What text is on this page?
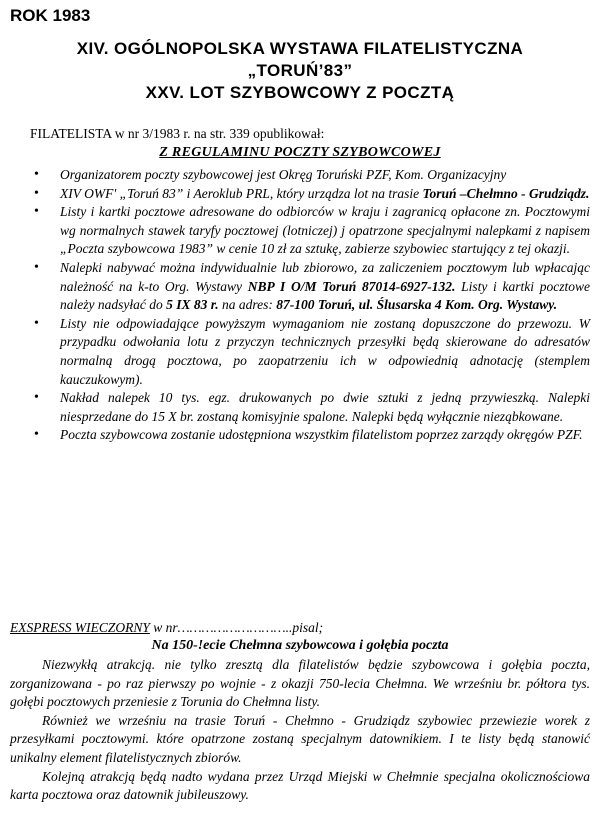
ROK 1983
XIV. OGÓLNOPOLSKA WYSTAWA FILATELISTYCZNA
„TORUŃ’83”
XXV. LOT SZYBOWCOWY Z POCZTĄ
FILATELISTA w nr 3/1983 r. na str. 339 opublikował:
Z REGULAMINU POCZTY SZYBOWCOWEJ
• Organizatorem poczty szybowcowej jest Okręg Toruński PZF, Kom. Organizacyjny
• XIV OWF' „Toruń 83” i Aeroklub PRL, który urządza lot na trasie Toruń –Chełmno - Grudziądz.
• Listy i kartki pocztowe adresowane do odbiorców w kraju i zagranicą opłacone zn. Pocztowymi wg normalnych stawek taryfy pocztowej (lotniczej) j opatrzone specjalnymi nalepkami z napisem „Poczta szybowcowa 1983” w cenie 10 zł za sztukę, zabierze szybowiec startujący z tej okazji.
• Nalepki nabywać można indywidualnie lub zbiorowo, za zaliczeniem pocztowym lub wpłacając należność na k-to Org. Wystawy NBP I O/M Toruń 87014-6927-132. Listy i kartki pocztowe należy nadsyłać do 5 IX 83 r. na adres: 87-100 Toruń, ul. Ślusarska 4 Kom. Org. Wystawy.
• Listy nie odpowiadające powyższym wymaganiom nie zostaną dopuszczone do przewozu. W przypadku odwołania lotu z przyczyn technicznych przesyłki będą skierowane do adresatów normalną drogą pocztowa, po zaopatrzeniu ich w odpowiednią adnotację (stemplem kauczukowym).
• Nakład nalepek 10 tys. egz. drukowanych po dwie sztuki z jedną przywieszką. Nalepki niesprzedane do 15 X br. zostaną komisyjnie spalone. Nalepki będą wyłącznie nieząbkowane.
• Poczta szybowcowa zostanie udostępniona wszystkim filatelistom poprzez zarządy okręgów PZF.
EXSPRESS WIECZORNY w nr………………………..pisal;
Na 150-!ecie Chełmna szybowcowa i gołębia poczta

Niezwykłą atrakcją. nie tylko zresztą dla filatelistów będzie szybowcowa i gołębia poczta, zorganizowana - po raz pierwszy po wojnie - z okazji 750-lecia Chełmna. We wrześniu br. półtora tys. gołębi pocztowych przeniesie z Torunia do Chełmna listy.

Również we wrześniu na trasie Toruń - Chełmno - Grudziądz szybowiec przewiezie worek z przesyłkami pocztowymi. które opatrzone zostaną specjalnym datownikiem. I te listy będą stanowić unikalny element filatelistycznych zbiorów.

Kolejną atrakcją będą nadto wydana przez Urząd Miejski w Chełmnie specjalna okolicznościowa karta pocztowa oraz datownik jubileuszowy.
